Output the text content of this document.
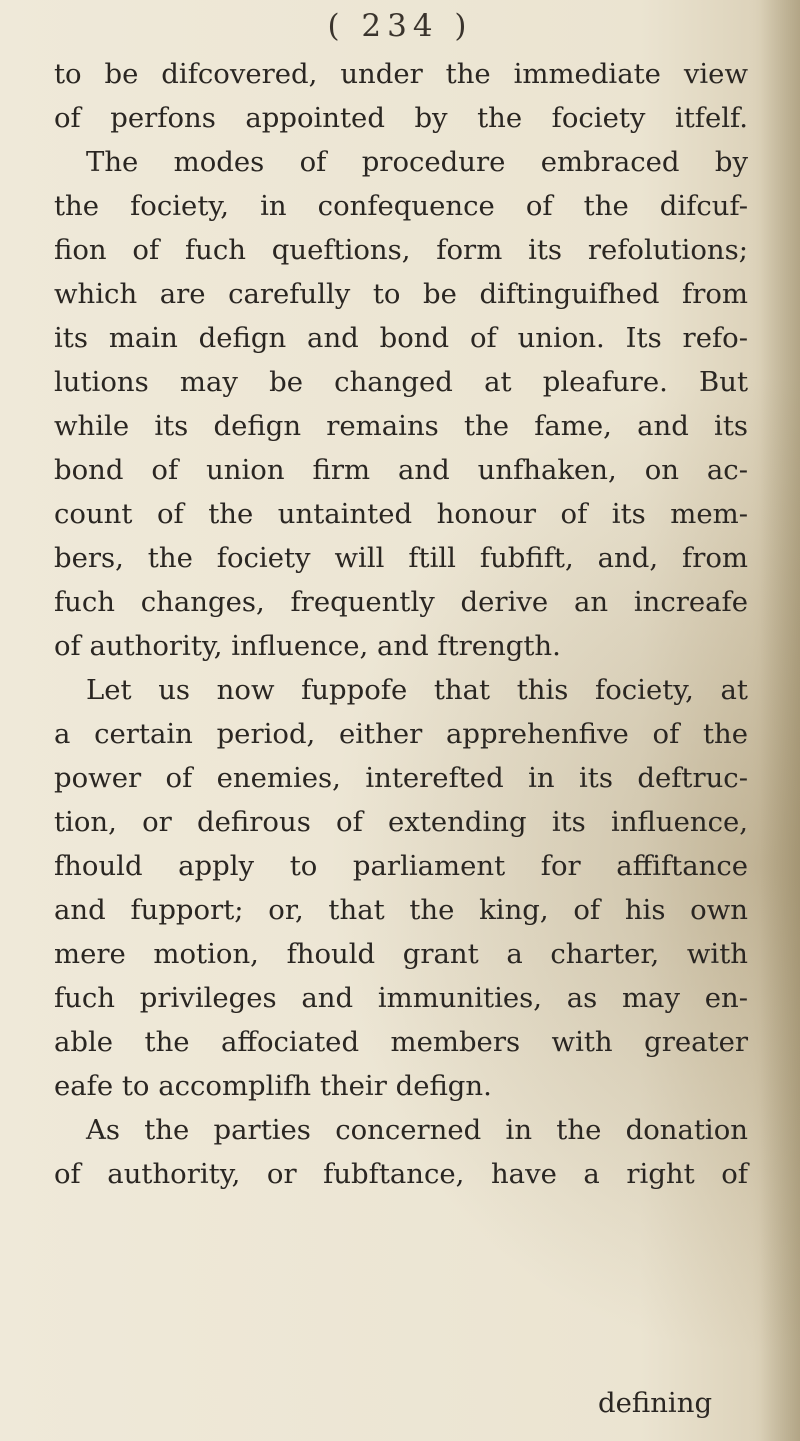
( 234 )

to be difcovered, under the immediate view
of perfons appointed by the fociety itfelf.
The modes of procedure embraced by
the fociety, in confequence of the difcuf-
fion of fuch queftions, form its refolutions;
which are carefully to be diftinguifhed from
its main defign and bond of union. Its refo-
lutions may be changed at pleafure. But
while its defign remains the fame, and its
bond of union firm and unfhaken, on ac-
count of the untainted honour of its mem-
bers, the fociety will ftill fubfift, and, from
fuch changes, frequently derive an increafe
of authority, influence, and ftrength.
Let us now fuppofe that this fociety, at
a certain period, either apprehenfive of the
power of enemies, interefted in its deftruc-
tion, or defirous of extending its influence,
fhould apply to parliament for affiftance
and fupport; or, that the king, of his own
mere motion, fhould grant a charter, with
fuch privileges and immunities, as may en-
able the affociated members with greater
eafe to accomplifh their defign.
As the parties concerned in the donation
of authority, or fubftance, have a right of

defining
